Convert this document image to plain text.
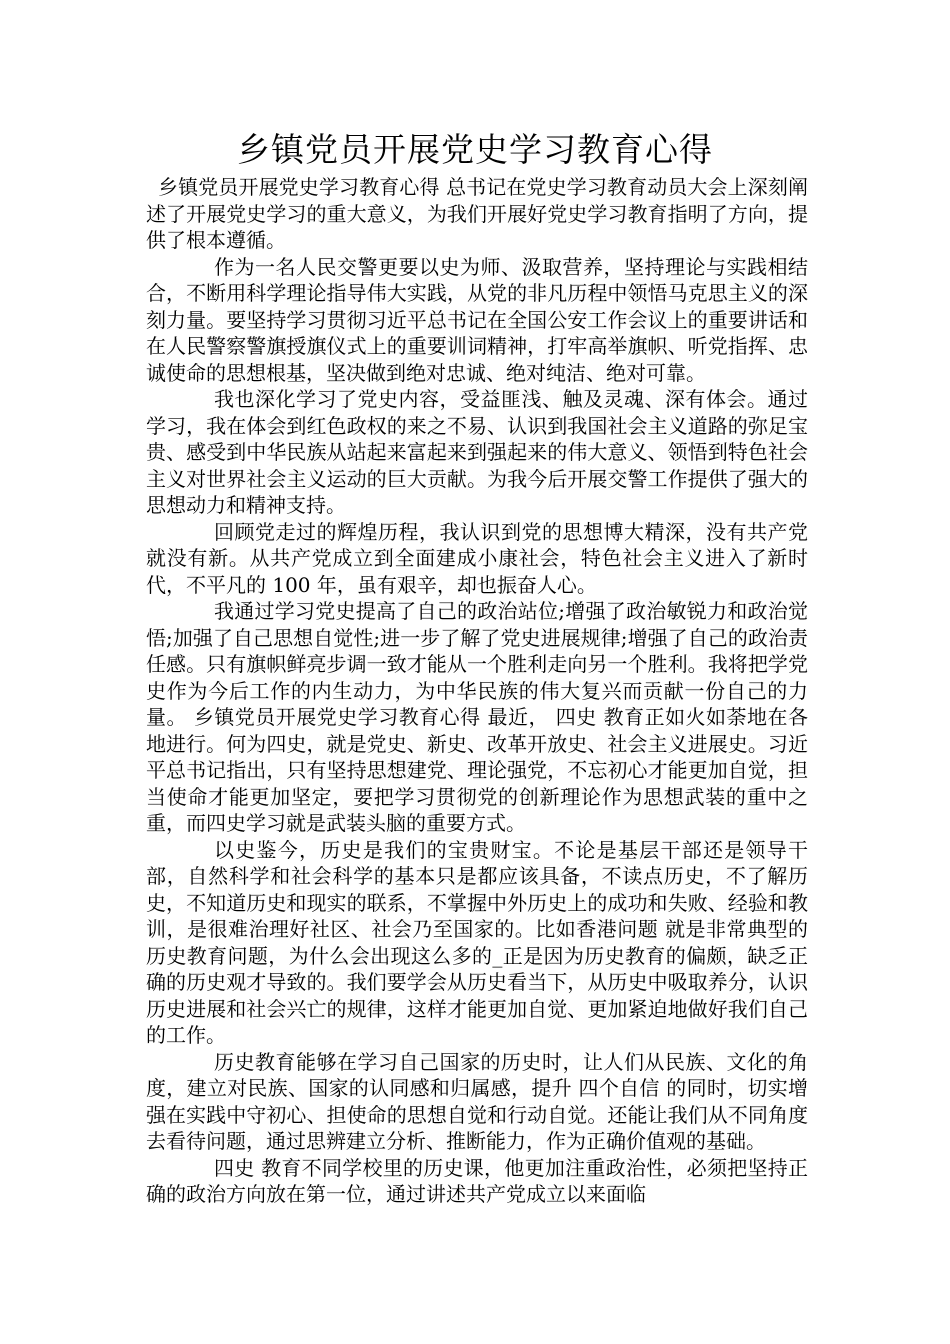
乡镇党员开展党史学习教育心得

乡镇党员开展党史学习教育心得 总书记在党史学习教育动员大会上深刻阐述了开展党史学习的重大意义，为我们开展好党史学习教育指明了方向，提供了根本遵循。

作为一名人民交警更要以史为师、汲取营养，坚持理论与实践相结合，不断用科学理论指导伟大实践，从党的非凡历程中领悟马克思主义的深刻力量。要坚持学习贯彻习近平总书记在全国公安工作会议上的重要讲话和在人民警察警旗授旗仪式上的重要训词精神，打牢高举旗帜、听党指挥、忠诚使命的思想根基，坚决做到绝对忠诚、绝对纯洁、绝对可靠。

我也深化学习了党史内容，受益匪浅、触及灵魂、深有体会。通过学习，我在体会到红色政权的来之不易、认识到我国社会主义道路的弥足宝贵、感受到中华民族从站起来富起来到强起来的伟大意义、领悟到特色社会主义对世界社会主义运动的巨大贡献。为我今后开展交警工作提供了强大的思想动力和精神支持。

回顾党走过的辉煌历程，我认识到党的思想博大精深，没有共产党就没有新。从共产党成立到全面建成小康社会，特色社会主义进入了新时代，不平凡的 100 年，虽有艰辛，却也振奋人心。

我通过学习党史提高了自己的政治站位;增强了政治敏锐力和政治觉悟;加强了自己思想自觉性;进一步了解了党史进展规律;增强了自己的政治责任感。只有旗帜鲜亮步调一致才能从一个胜利走向另一个胜利。我将把学党史作为今后工作的内生动力，为中华民族的伟大复兴而贡献一份自己的力量。 乡镇党员开展党史学习教育心得 最近， 四史 教育正如火如荼地在各地进行。何为四史，就是党史、新史、改革开放史、社会主义进展史。习近平总书记指出，只有坚持思想建党、理论强党，不忘初心才能更加自觉，担当使命才能更加坚定，要把学习贯彻党的创新理论作为思想武装的重中之重，而四史学习就是武装头脑的重要方式。

以史鉴今，历史是我们的宝贵财宝。不论是基层干部还是领导干部，自然科学和社会科学的基本只是都应该具备，不读点历史，不了解历史，不知道历史和现实的联系，不掌握中外历史上的成功和失败、经验和教训，是很难治理好社区、社会乃至国家的。比如香港问题 就是非常典型的历史教育问题，为什么会出现这么多的_正是因为历史教育的偏颇，缺乏正确的历史观才导致的。我们要学会从历史看当下，从历史中吸取养分，认识历史进展和社会兴亡的规律，这样才能更加自觉、更加紧迫地做好我们自己的工作。

历史教育能够在学习自己国家的历史时，让人们从民族、文化的角度，建立对民族、国家的认同感和归属感，提升 四个自信 的同时，切实增强在实践中守初心、担使命的思想自觉和行动自觉。还能让我们从不同角度去看待问题，通过思辨建立分析、推断能力，作为正确价值观的基础。

四史 教育不同学校里的历史课，他更加注重政治性，必须把坚持正确的政治方向放在第一位，通过讲述共产党成立以来面临
